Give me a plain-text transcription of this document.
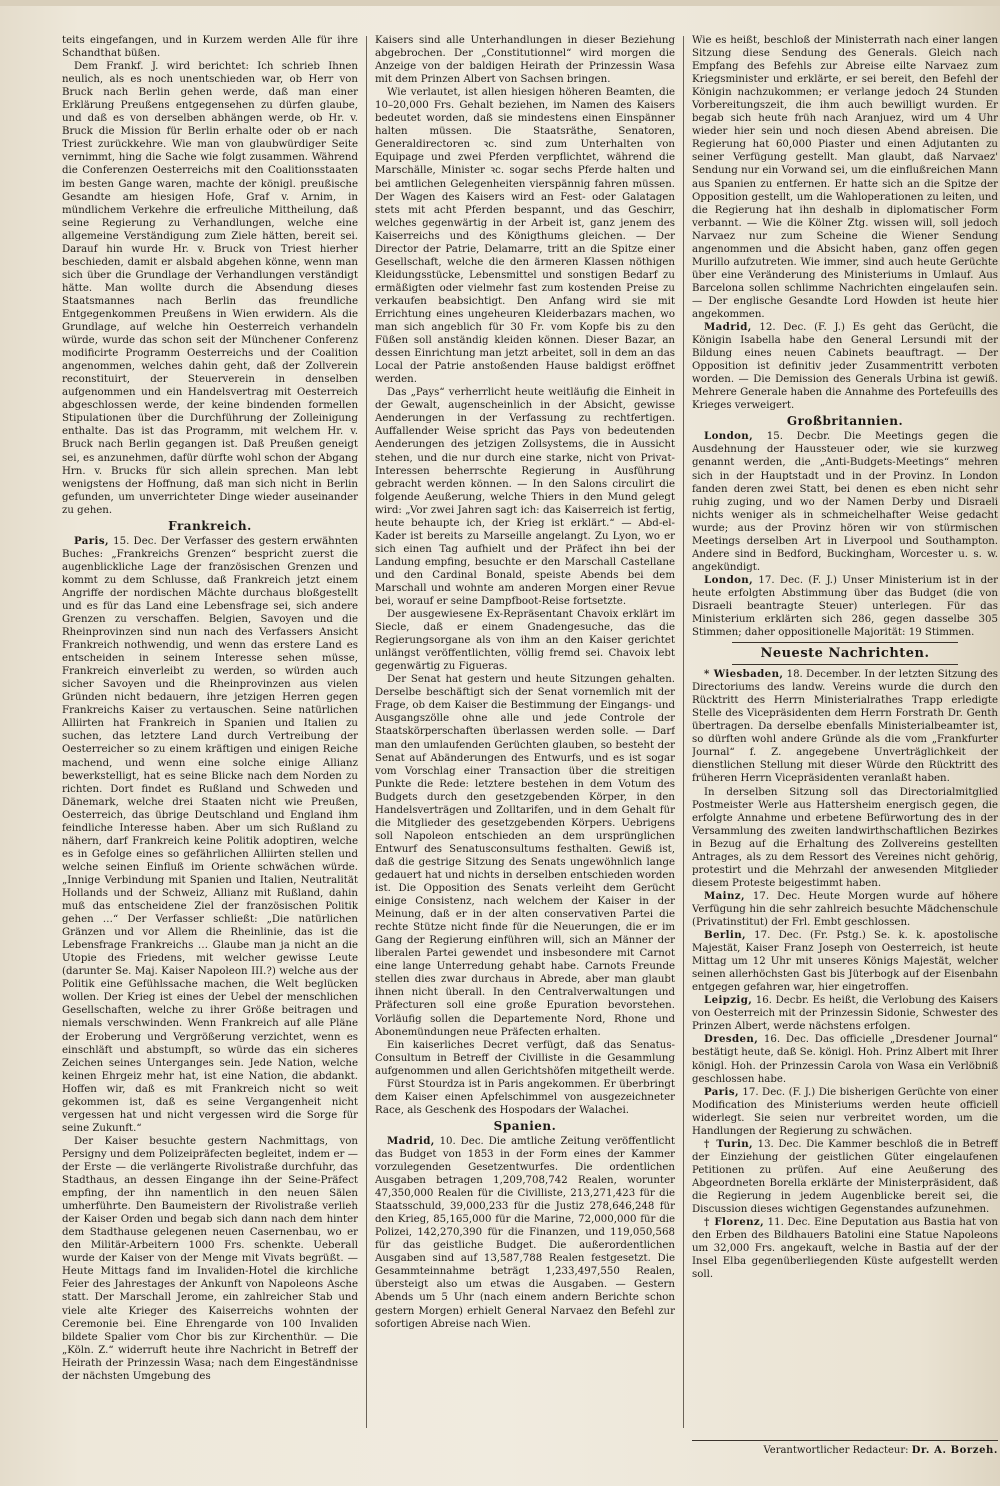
teits eingefangen, und in Kurzem werden Alle für ihre Schandthat büßen.

Dem Frankf. J. wird berichtet: Ich schrieb Ihnen neulich, als es noch unentschieden war, ob Herr von Bruck nach Berlin gehen werde, daß man einer Erklärung Preußens entgegensehen zu dürfen glaube, und daß es von derselben abhängen werde, ob Hr. v. Bruck die Mission für Berlin erhalte oder ob er nach Triest zurückkehre. Wie man von glaubwürdiger Seite vernimmt, hing die Sache wie folgt zusammen. Während die Conferenzen Oesterreichs mit den Coalitionsstaaten im besten Gange waren, machte der königl. preußische Gesandte am hiesigen Hofe, Graf v. Arnim, in mündlichem Verkehre die erfreuliche Mittheilung, daß seine Regierung zu Verhandlungen, welche eine allgemeine Verständigung zum Ziele hätten, bereit sei. Darauf hin wurde Hr. v. Bruck von Triest hierher beschieden, damit er alsbald abgehen könne, wenn man sich über die Grundlage der Verhandlungen verständigt hätte. Man wollte durch die Absendung dieses Staatsmannes nach Berlin das freundliche Entgegenkommen Preußens in Wien erwidern. Als die Grundlage, auf welche hin Oesterreich verhandeln würde, wurde das schon seit der Münchener Conferenz modificirte Programm Oesterreichs und der Coalition angenommen, welches dahin geht, daß der Zollverein reconstituirt, der Steuerverein in denselben aufgenommen und ein Handelsvertrag mit Oesterreich abgeschlossen werde, der keine bindenden formellen Stipulationen über die Durchführung der Zolleinigung enthalte. Das ist das Programm, mit welchem Hr. v. Bruck nach Berlin gegangen ist. Daß Preußen geneigt sei, es anzunehmen, dafür dürfte wohl schon der Abgang Hrn. v. Brucks für sich allein sprechen. Man lebt wenigstens der Hoffnung, daß man sich nicht in Berlin gefunden, um unverrichteter Dinge wieder auseinander zu gehen.

Frankreich.

Paris, 15. Dec. Der Verfasser des gestern erwähnten Buches: „Frankreichs Grenzen“ bespricht zuerst die augenblickliche Lage der französischen Grenzen und kommt zu dem Schlusse, daß Frankreich jetzt einem Angriffe der nordischen Mächte durchaus bloßgestellt und es für das Land eine Lebensfrage sei, sich andere Grenzen zu verschaffen. Belgien, Savoyen und die Rheinprovinzen sind nun nach des Verfassers Ansicht Frankreich nothwendig, und wenn das erstere Land es entscheiden in seinem Interesse sehen müsse, Frankreich einverleibt zu werden, so würden auch sicher Savoyen und die Rheinprovinzen aus vielen Gründen nicht bedauern, ihre jetzigen Herren gegen Frankreichs Kaiser zu vertauschen. Seine natürlichen Alliirten hat Frankreich in Spanien und Italien zu suchen, das letztere Land durch Vertreibung der Oesterreicher so zu einem kräftigen und einigen Reiche machend, und wenn eine solche einige Allianz bewerkstelligt, hat es seine Blicke nach dem Norden zu richten. Dort findet es Rußland und Schweden und Dänemark, welche drei Staaten nicht wie Preußen, Oesterreich, das übrige Deutschland und England ihm feindliche Interesse haben. Aber um sich Rußland zu nähern, darf Frankreich keine Politik adoptiren, welche es in Gefolge eines so gefährlichen Alliirten stellen und welche seinen Einfluß im Oriente schwächen würde. „Innige Verbindung mit Spanien und Italien, Neutralität Hollands und der Schweiz, Allianz mit Rußland, dahin muß das entscheidene Ziel der französischen Politik gehen …“ Der Verfasser schließt: „Die natürlichen Gränzen und vor Allem die Rheinlinie, das ist die Lebensfrage Frankreichs … Glaube man ja nicht an die Utopie des Friedens, mit welcher gewisse Leute (darunter Se. Maj. Kaiser Napoleon III.?) welche aus der Politik eine Gefühlssache machen, die Welt beglücken wollen. Der Krieg ist eines der Uebel der menschlichen Gesellschaften, welche zu ihrer Größe beitragen und niemals verschwinden. Wenn Frankreich auf alle Pläne der Eroberung und Vergrößerung verzichtet, wenn es einschläft und abstumpft, so würde das ein sicheres Zeichen seines Unterganges sein. Jede Nation, welche keinen Ehrgeiz mehr hat, ist eine Nation, die abdankt. Hoffen wir, daß es mit Frankreich nicht so weit gekommen ist, daß es seine Vergangenheit nicht vergessen hat und nicht vergessen wird die Sorge für seine Zukunft.“

Der Kaiser besuchte gestern Nachmittags, von Persigny und dem Polizeipräfecten begleitet, indem er — der Erste — die verlängerte Rivolistraße durchfuhr, das Stadthaus, an dessen Eingange ihn der Seine-Präfect empfing, der ihn namentlich in den neuen Sälen umherführte. Den Baumeistern der Rivolistraße verlieh der Kaiser Orden und begab sich dann nach dem hinter dem Stadthause gelegenen neuen Casernenbau, wo er den Militär-Arbeitern 1000 Frs. schenkte. Ueberall wurde der Kaiser von der Menge mit Vivats begrüßt. — Heute Mittags fand im Invaliden-Hotel die kirchliche Feier des Jahrestages der Ankunft von Napoleons Asche statt. Der Marschall Jerome, ein zahlreicher Stab und viele alte Krieger des Kaiserreichs wohnten der Ceremonie bei. Eine Ehrengarde von 100 Invaliden bildete Spalier vom Chor bis zur Kirchenthür. — Die „Köln. Z.“ widerruft heute ihre Nachricht in Betreff der Heirath der Prinzessin Wasa; nach dem Eingeständnisse der nächsten Umgebung des

Kaisers sind alle Unterhandlungen in dieser Beziehung abgebrochen. Der „Constitutionnel“ wird morgen die Anzeige von der baldigen Heirath der Prinzessin Wasa mit dem Prinzen Albert von Sachsen bringen.

Wie verlautet, ist allen hiesigen höheren Beamten, die 10–20,000 Frs. Gehalt beziehen, im Namen des Kaisers bedeutet worden, daß sie mindestens einen Einspänner halten müssen. Die Staatsräthe, Senatoren, Generaldirectoren ꝛc. sind zum Unterhalten von Equipage und zwei Pferden verpflichtet, während die Marschälle, Minister ꝛc. sogar sechs Pferde halten und bei amtlichen Gelegenheiten vierspännig fahren müssen. Der Wagen des Kaisers wird an Fest- oder Galatagen stets mit acht Pferden bespannt, und das Geschirr, welches gegenwärtig in der Arbeit ist, ganz jenem des Kaiserreichs und des Königthums gleichen. — Der Director der Patrie, Delamarre, tritt an die Spitze einer Gesellschaft, welche die den ärmeren Klassen nöthigen Kleidungsstücke, Lebensmittel und sonstigen Bedarf zu ermäßigten oder vielmehr fast zum kostenden Preise zu verkaufen beabsichtigt. Den Anfang wird sie mit Errichtung eines ungeheuren Kleiderbazars machen, wo man sich angeblich für 30 Fr. vom Kopfe bis zu den Füßen soll anständig kleiden können. Dieser Bazar, an dessen Einrichtung man jetzt arbeitet, soll in dem an das Local der Patrie anstoßenden Hause baldigst eröffnet werden.

Das „Pays“ verherrlicht heute weitläufig die Einheit in der Gewalt, augenscheinlich in der Absicht, gewisse Aenderungen in der Verfassung zu rechtfertigen. Auffallender Weise spricht das Pays von bedeutenden Aenderungen des jetzigen Zollsystems, die in Aussicht stehen, und die nur durch eine starke, nicht von Privat-Interessen beherrschte Regierung in Ausführung gebracht werden können. — In den Salons circulirt die folgende Aeußerung, welche Thiers in den Mund gelegt wird: „Vor zwei Jahren sagt ich: das Kaiserreich ist fertig, heute behaupte ich, der Krieg ist erklärt.“ — Abd-el-Kader ist bereits zu Marseille angelangt. Zu Lyon, wo er sich einen Tag aufhielt und der Präfect ihn bei der Landung empfing, besuchte er den Marschall Castellane und den Cardinal Bonald, speiste Abends bei dem Marschall und wohnte am anderen Morgen einer Revue bei, worauf er seine Dampfboot-Reise fortsetzte.

Der ausgewiesene Ex-Repräsentant Chavoix erklärt im Siecle, daß er einem Gnadengesuche, das die Regierungsorgane als von ihm an den Kaiser gerichtet unlängst veröffentlichten, völlig fremd sei. Chavoix lebt gegenwärtig zu Figueras.

Der Senat hat gestern und heute Sitzungen gehalten. Derselbe beschäftigt sich der Senat vornemlich mit der Frage, ob dem Kaiser die Bestimmung der Eingangs- und Ausgangszölle ohne alle und jede Controle der Staatskörperschaften überlassen werden solle. — Darf man den umlaufenden Gerüchten glauben, so besteht der Senat auf Abänderungen des Entwurfs, und es ist sogar vom Vorschlag einer Transaction über die streitigen Punkte die Rede: letztere bestehen in dem Votum des Budgets durch den gesetzgebenden Körper, in den Handelsverträgen und Zolltarifen, und in dem Gehalt für die Mitglieder des gesetzgebenden Körpers. Uebrigens soll Napoleon entschieden an dem ursprünglichen Entwurf des Senatusconsultums festhalten. Gewiß ist, daß die gestrige Sitzung des Senats ungewöhnlich lange gedauert hat und nichts in derselben entschieden worden ist. Die Opposition des Senats verleiht dem Gerücht einige Consistenz, nach welchem der Kaiser in der Meinung, daß er in der alten conservativen Partei die rechte Stütze nicht finde für die Neuerungen, die er im Gang der Regierung einführen will, sich an Männer der liberalen Partei gewendet und insbesondere mit Carnot eine lange Unterredung gehabt habe. Carnots Freunde stellen dies zwar durchaus in Abrede, aber man glaubt ihnen nicht überall. In den Centralverwaltungen und Präfecturen soll eine große Epuration bevorstehen. Vorläufig sollen die Departemente Nord, Rhone und Abonemündungen neue Präfecten erhalten.

Ein kaiserliches Decret verfügt, daß das Senatus-Consultum in Betreff der Civilliste in die Gesammlung aufgenommen und allen Gerichtshöfen mitgetheilt werde.

Fürst Stourdza ist in Paris angekommen. Er überbringt dem Kaiser einen Apfelschimmel von ausgezeichneter Race, als Geschenk des Hospodars der Walachei.

Spanien.

Madrid, 10. Dec. Die amtliche Zeitung veröffentlicht das Budget von 1853 in der Form eines der Kammer vorzulegenden Gesetzentwurfes. Die ordentlichen Ausgaben betragen 1,209,708,742 Realen, worunter 47,350,000 Realen für die Civilliste, 213,271,423 für die Staatsschuld, 39,000,233 für die Justiz 278,646,248 für den Krieg, 85,165,000 für die Marine, 72,000,000 für die Polizei, 142,270,390 für die Finanzen, und 119,050,568 für das geistliche Budget. Die außerordentlichen Ausgaben sind auf 13,587,788 Realen festgesetzt. Die Gesammteinnahme beträgt 1,233,497,550 Realen, übersteigt also um etwas die Ausgaben. — Gestern Abends um 5 Uhr (nach einem andern Berichte schon gestern Morgen) erhielt General Narvaez den Befehl zur sofortigen Abreise nach Wien.

Wie es heißt, beschloß der Ministerrath nach einer langen Sitzung diese Sendung des Generals. Gleich nach Empfang des Befehls zur Abreise eilte Narvaez zum Kriegsminister und erklärte, er sei bereit, den Befehl der Königin nachzukommen; er verlange jedoch 24 Stunden Vorbereitungszeit, die ihm auch bewilligt wurden. Er begab sich heute früh nach Aranjuez, wird um 4 Uhr wieder hier sein und noch diesen Abend abreisen. Die Regierung hat 60,000 Piaster und einen Adjutanten zu seiner Verfügung gestellt. Man glaubt, daß Narvaez' Sendung nur ein Vorwand sei, um die einflußreichen Mann aus Spanien zu entfernen. Er hatte sich an die Spitze der Opposition gestellt, um die Wahloperationen zu leiten, und die Regierung hat ihn deshalb in diplomatischer Form verbannt. — Wie die Kölner Ztg. wissen will, soll jedoch Narvaez nur zum Scheine die Wiener Sendung angenommen und die Absicht haben, ganz offen gegen Murillo aufzutreten. Wie immer, sind auch heute Gerüchte über eine Veränderung des Ministeriums in Umlauf. Aus Barcelona sollen schlimme Nachrichten eingelaufen sein. — Der englische Gesandte Lord Howden ist heute hier angekommen.

Madrid, 12. Dec. (F. J.) Es geht das Gerücht, die Königin Isabella habe den General Lersundi mit der Bildung eines neuen Cabinets beauftragt. — Der Opposition ist definitiv jeder Zusammentritt verboten worden. — Die Demission des Generals Urbina ist gewiß. Mehrere Generale haben die Annahme des Portefeuills des Krieges verweigert.

Großbritannien.

London, 15. Decbr. Die Meetings gegen die Ausdehnung der Haussteuer oder, wie sie kurzweg genannt werden, die „Anti-Budgets-Meetings“ mehren sich in der Hauptstadt und in der Provinz. In London fanden deren zwei Statt, bei denen es eben nicht sehr ruhig zuging, und wo der Namen Derby und Disraeli nichts weniger als in schmeichelhafter Weise gedacht wurde; aus der Provinz hören wir von stürmischen Meetings derselben Art in Liverpool und Southampton. Andere sind in Bedford, Buckingham, Worcester u. s. w. angekündigt.

London, 17. Dec. (F. J.) Unser Ministerium ist in der heute erfolgten Abstimmung über das Budget (die von Disraeli beantragte Steuer) unterlegen. Für das Ministerium erklärten sich 286, gegen dasselbe 305 Stimmen; daher oppositionelle Majorität: 19 Stimmen.

Neueste Nachrichten.

* Wiesbaden, 18. December. In der letzten Sitzung des Directoriums des landw. Vereins wurde die durch den Rücktritt des Herrn Ministerialrathes Trapp erledigte Stelle des Vicepräsidenten dem Herrn Forstrath Dr. Genth übertragen. Da derselbe ebenfalls Ministerialbeamter ist, so dürften wohl andere Gründe als die vom „Frankfurter Journal“ f. Z. angegebene Unverträglichkeit der dienstlichen Stellung mit dieser Würde den Rücktritt des früheren Herrn Vicepräsidenten veranlaßt haben.

In derselben Sitzung soll das Directorialmitglied Postmeister Werle aus Hattersheim energisch gegen, die erfolgte Annahme und erbetene Befürwortung des in der Versammlung des zweiten landwirthschaftlichen Bezirkes in Bezug auf die Erhaltung des Zollvereins gestellten Antrages, als zu dem Ressort des Vereines nicht gehörig, protestirt und die Mehrzahl der anwesenden Mitglieder diesem Proteste beigestimmt haben.

Mainz, 17. Dec. Heute Morgen wurde auf höhere Verfügung hin die sehr zahlreich besuchte Mädchenschule (Privatinstitut) der Frl. Embt geschlossen.

Berlin, 17. Dec. (Fr. Pstg.) Se. k. k. apostolische Majestät, Kaiser Franz Joseph von Oesterreich, ist heute Mittag um 12 Uhr mit unseres Königs Majestät, welcher seinen allerhöchsten Gast bis Jüterbogk auf der Eisenbahn entgegen gefahren war, hier eingetroffen.

Leipzig, 16. Decbr. Es heißt, die Verlobung des Kaisers von Oesterreich mit der Prinzessin Sidonie, Schwester des Prinzen Albert, werde nächstens erfolgen.

Dresden, 16. Dec. Das officielle „Dresdener Journal“ bestätigt heute, daß Se. königl. Hoh. Prinz Albert mit Ihrer königl. Hoh. der Prinzessin Carola von Wasa ein Verlöbniß geschlossen habe.

Paris, 17. Dec. (F. J.) Die bisherigen Gerüchte von einer Modification des Ministeriums werden heute officiell widerlegt. Sie seien nur verbreitet worden, um die Handlungen der Regierung zu schwächen.

† Turin, 13. Dec. Die Kammer beschloß die in Betreff der Einziehung der geistlichen Güter eingelaufenen Petitionen zu prüfen. Auf eine Aeußerung des Abgeordneten Borella erklärte der Ministerpräsident, daß die Regierung in jedem Augenblicke bereit sei, die Discussion dieses wichtigen Gegenstandes aufzunehmen.

† Florenz, 11. Dec. Eine Deputation aus Bastia hat von den Erben des Bildhauers Batolini eine Statue Napoleons um 32,000 Frs. angekauft, welche in Bastia auf der der Insel Elba gegenüberliegenden Küste aufgestellt werden soll.

Verantwortlicher Redacteur: Dr. A. Borzeh.
